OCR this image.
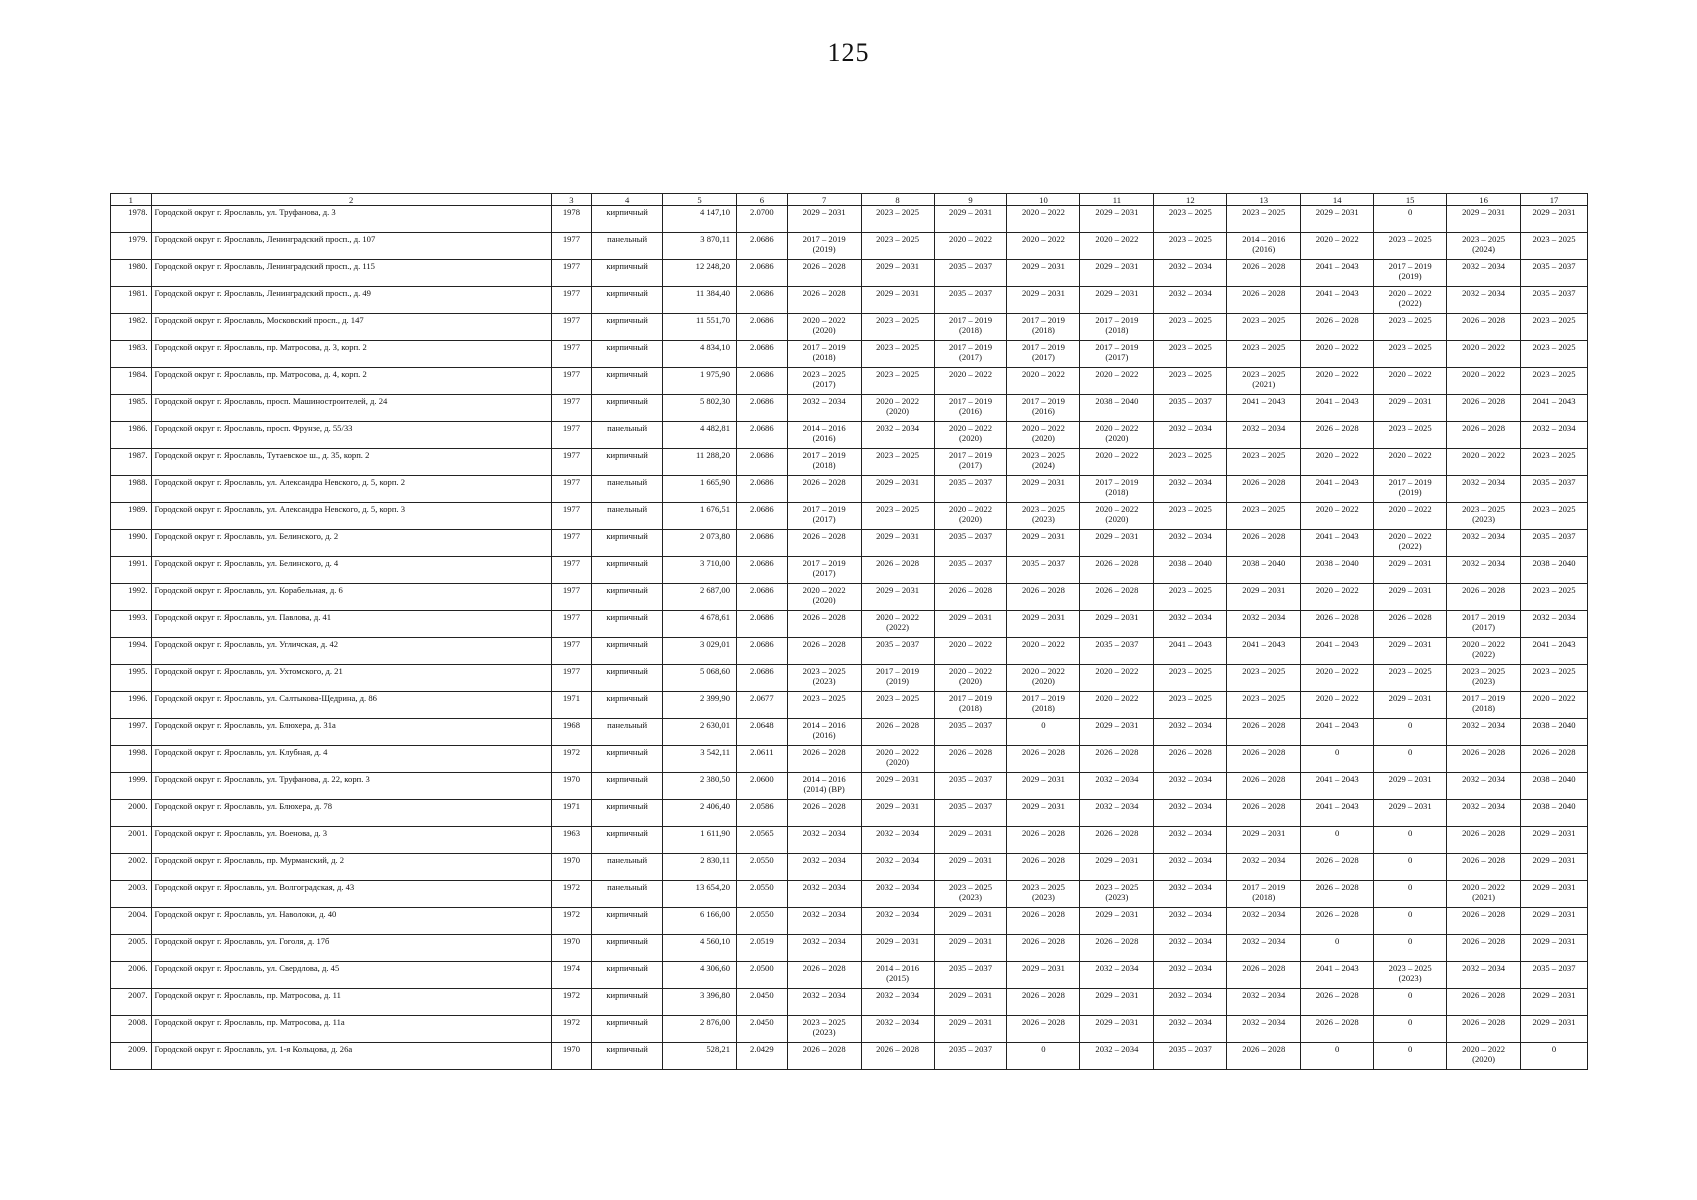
125
1	2	3	4	5	6	7	8	9	10	11	12	13	14	15	16	17
1978.	Городской округ г. Ярославль, ул. Труфанова, д. 3	1978	кирпичный	4 147,10	2.0700	2029 – 2031	2023 – 2025	2029 – 2031	2020 – 2022	2029 – 2031	2023 – 2025	2023 – 2025	2029 – 2031	0	2029 – 2031	2029 – 2031
1979.	Городской округ г. Ярославль, Ленинградский просп., д. 107	1977	панельный	3 870,11	2.0686	2017 – 2019
(2019)	2023 – 2025	2020 – 2022	2020 – 2022	2020 – 2022	2023 – 2025	2014 – 2016
(2016)	2020 – 2022	2023 – 2025	2023 – 2025
(2024)	2023 – 2025
1980.	Городской округ г. Ярославль, Ленинградский просп., д. 115	1977	кирпичный	12 248,20	2.0686	2026 – 2028	2029 – 2031	2035 – 2037	2029 – 2031	2029 – 2031	2032 – 2034	2026 – 2028	2041 – 2043	2017 – 2019
(2019)	2032 – 2034	2035 – 2037
1981.	Городской округ г. Ярославль, Ленинградский просп., д. 49	1977	кирпичный	11 384,40	2.0686	2026 – 2028	2029 – 2031	2035 – 2037	2029 – 2031	2029 – 2031	2032 – 2034	2026 – 2028	2041 – 2043	2020 – 2022
(2022)	2032 – 2034	2035 – 2037
1982.	Городской округ г. Ярославль, Московский просп., д. 147	1977	кирпичный	11 551,70	2.0686	2020 – 2022
(2020)	2023 – 2025	2017 – 2019
(2018)	2017 – 2019
(2018)	2017 – 2019
(2018)	2023 – 2025	2023 – 2025	2026 – 2028	2023 – 2025	2026 – 2028	2023 – 2025
1983.	Городской округ г. Ярославль, пр. Матросова, д. 3, корп. 2	1977	кирпичный	4 834,10	2.0686	2017 – 2019
(2018)	2023 – 2025	2017 – 2019
(2017)	2017 – 2019
(2017)	2017 – 2019
(2017)	2023 – 2025	2023 – 2025	2020 – 2022	2023 – 2025	2020 – 2022	2023 – 2025
1984.	Городской округ г. Ярославль, пр. Матросова, д. 4, корп. 2	1977	кирпичный	1 975,90	2.0686	2023 – 2025
(2017)	2023 – 2025	2020 – 2022	2020 – 2022	2020 – 2022	2023 – 2025	2023 – 2025
(2021)	2020 – 2022	2020 – 2022	2020 – 2022	2023 – 2025
1985.	Городской округ г. Ярославль, просп. Машиностроителей, д. 24	1977	кирпичный	5 802,30	2.0686	2032 – 2034	2020 – 2022
(2020)	2017 – 2019
(2016)	2017 – 2019
(2016)	2038 – 2040	2035 – 2037	2041 – 2043	2041 – 2043	2029 – 2031	2026 – 2028	2041 – 2043
1986.	Городской округ г. Ярославль, просп. Фрунзе, д. 55/33	1977	панельный	4 482,81	2.0686	2014 – 2016
(2016)	2032 – 2034	2020 – 2022
(2020)	2020 – 2022
(2020)	2020 – 2022
(2020)	2032 – 2034	2032 – 2034	2026 – 2028	2023 – 2025	2026 – 2028	2032 – 2034
1987.	Городской округ г. Ярославль, Тутаевское ш., д. 35, корп. 2	1977	кирпичный	11 288,20	2.0686	2017 – 2019
(2018)	2023 – 2025	2017 – 2019
(2017)	2023 – 2025
(2024)	2020 – 2022	2023 – 2025	2023 – 2025	2020 – 2022	2020 – 2022	2020 – 2022	2023 – 2025
1988.	Городской округ г. Ярославль, ул. Александра Невского, д. 5, корп. 2	1977	панельный	1 665,90	2.0686	2026 – 2028	2029 – 2031	2035 – 2037	2029 – 2031	2017 – 2019
(2018)	2032 – 2034	2026 – 2028	2041 – 2043	2017 – 2019
(2019)	2032 – 2034	2035 – 2037
1989.	Городской округ г. Ярославль, ул. Александра Невского, д. 5, корп. 3	1977	панельный	1 676,51	2.0686	2017 – 2019
(2017)	2023 – 2025	2020 – 2022
(2020)	2023 – 2025
(2023)	2020 – 2022
(2020)	2023 – 2025	2023 – 2025	2020 – 2022	2020 – 2022	2023 – 2025
(2023)	2023 – 2025
1990.	Городской округ г. Ярославль, ул. Белинского, д. 2	1977	кирпичный	2 073,80	2.0686	2026 – 2028	2029 – 2031	2035 – 2037	2029 – 2031	2029 – 2031	2032 – 2034	2026 – 2028	2041 – 2043	2020 – 2022
(2022)	2032 – 2034	2035 – 2037
1991.	Городской округ г. Ярославль, ул. Белинского, д. 4	1977	кирпичный	3 710,00	2.0686	2017 – 2019
(2017)	2026 – 2028	2035 – 2037	2035 – 2037	2026 – 2028	2038 – 2040	2038 – 2040	2038 – 2040	2029 – 2031	2032 – 2034	2038 – 2040
1992.	Городской округ г. Ярославль, ул. Корабельная, д. 6	1977	кирпичный	2 687,00	2.0686	2020 – 2022
(2020)	2029 – 2031	2026 – 2028	2026 – 2028	2026 – 2028	2023 – 2025	2029 – 2031	2020 – 2022	2029 – 2031	2026 – 2028	2023 – 2025
1993.	Городской округ г. Ярославль, ул. Павлова, д. 41	1977	кирпичный	4 678,61	2.0686	2026 – 2028	2020 – 2022
(2022)	2029 – 2031	2029 – 2031	2029 – 2031	2032 – 2034	2032 – 2034	2026 – 2028	2026 – 2028	2017 – 2019
(2017)	2032 – 2034
1994.	Городской округ г. Ярославль, ул. Угличская, д. 42	1977	кирпичный	3 029,01	2.0686	2026 – 2028	2035 – 2037	2020 – 2022	2020 – 2022	2035 – 2037	2041 – 2043	2041 – 2043	2041 – 2043	2029 – 2031	2020 – 2022
(2022)	2041 – 2043
1995.	Городской округ г. Ярославль, ул. Ухтомского, д. 21	1977	кирпичный	5 068,60	2.0686	2023 – 2025
(2023)	2017 – 2019
(2019)	2020 – 2022
(2020)	2020 – 2022
(2020)	2020 – 2022	2023 – 2025	2023 – 2025	2020 – 2022	2023 – 2025	2023 – 2025
(2023)	2023 – 2025
1996.	Городской округ г. Ярославль, ул. Салтыкова-Щедрина, д. 86	1971	кирпичный	2 399,90	2.0677	2023 – 2025	2023 – 2025	2017 – 2019
(2018)	2017 – 2019
(2018)	2020 – 2022	2023 – 2025	2023 – 2025	2020 – 2022	2029 – 2031	2017 – 2019
(2018)	2020 – 2022
1997.	Городской округ г. Ярославль, ул. Блюхера, д. 31а	1968	панельный	2 630,01	2.0648	2014 – 2016
(2016)	2026 – 2028	2035 – 2037	0	2029 – 2031	2032 – 2034	2026 – 2028	2041 – 2043	0	2032 – 2034	2038 – 2040
1998.	Городской округ г. Ярославль, ул. Клубная, д. 4	1972	кирпичный	3 542,11	2.0611	2026 – 2028	2020 – 2022
(2020)	2026 – 2028	2026 – 2028	2026 – 2028	2026 – 2028	2026 – 2028	0	0	2026 – 2028	2026 – 2028
1999.	Городской округ г. Ярославль, ул. Труфанова, д. 22, корп. 3	1970	кирпичный	2 380,50	2.0600	2014 – 2016
(2014) (ВР)	2029 – 2031	2035 – 2037	2029 – 2031	2032 – 2034	2032 – 2034	2026 – 2028	2041 – 2043	2029 – 2031	2032 – 2034	2038 – 2040
2000.	Городской округ г. Ярославль, ул. Блюхера, д. 78	1971	кирпичный	2 406,40	2.0586	2026 – 2028	2029 – 2031	2035 – 2037	2029 – 2031	2032 – 2034	2032 – 2034	2026 – 2028	2041 – 2043	2029 – 2031	2032 – 2034	2038 – 2040
2001.	Городской округ г. Ярославль, ул. Военова, д. 3	1963	кирпичный	1 611,90	2.0565	2032 – 2034	2032 – 2034	2029 – 2031	2026 – 2028	2026 – 2028	2032 – 2034	2029 – 2031	0	0	2026 – 2028	2029 – 2031
2002.	Городской округ г. Ярославль, пр. Мурманский, д. 2	1970	панельный	2 830,11	2.0550	2032 – 2034	2032 – 2034	2029 – 2031	2026 – 2028	2029 – 2031	2032 – 2034	2032 – 2034	2026 – 2028	0	2026 – 2028	2029 – 2031
2003.	Городской округ г. Ярославль, ул. Волгоградская, д. 43	1972	панельный	13 654,20	2.0550	2032 – 2034	2032 – 2034	2023 – 2025
(2023)	2023 – 2025
(2023)	2023 – 2025
(2023)	2032 – 2034	2017 – 2019
(2018)	2026 – 2028	0	2020 – 2022
(2021)	2029 – 2031
2004.	Городской округ г. Ярославль, ул. Наволоки, д. 40	1972	кирпичный	6 166,00	2.0550	2032 – 2034	2032 – 2034	2029 – 2031	2026 – 2028	2029 – 2031	2032 – 2034	2032 – 2034	2026 – 2028	0	2026 – 2028	2029 – 2031
2005.	Городской округ г. Ярославль, ул. Гоголя, д. 17б	1970	кирпичный	4 560,10	2.0519	2032 – 2034	2029 – 2031	2029 – 2031	2026 – 2028	2026 – 2028	2032 – 2034	2032 – 2034	0	0	2026 – 2028	2029 – 2031
2006.	Городской округ г. Ярославль, ул. Свердлова, д. 45	1974	кирпичный	4 306,60	2.0500	2026 – 2028	2014 – 2016
(2015)	2035 – 2037	2029 – 2031	2032 – 2034	2032 – 2034	2026 – 2028	2041 – 2043	2023 – 2025
(2023)	2032 – 2034	2035 – 2037
2007.	Городской округ г. Ярославль, пр. Матросова, д. 11	1972	кирпичный	3 396,80	2.0450	2032 – 2034	2032 – 2034	2029 – 2031	2026 – 2028	2029 – 2031	2032 – 2034	2032 – 2034	2026 – 2028	0	2026 – 2028	2029 – 2031
2008.	Городской округ г. Ярославль, пр. Матросова, д. 11а	1972	кирпичный	2 876,00	2.0450	2023 – 2025
(2023)	2032 – 2034	2029 – 2031	2026 – 2028	2029 – 2031	2032 – 2034	2032 – 2034	2026 – 2028	0	2026 – 2028	2029 – 2031
2009.	Городской округ г. Ярославль, ул. 1-я Кольцова, д. 26а	1970	кирпичный	528,21	2.0429	2026 – 2028	2026 – 2028	2035 – 2037	0	2032 – 2034	2035 – 2037	2026 – 2028	0	0	2020 – 2022
(2020)	0
